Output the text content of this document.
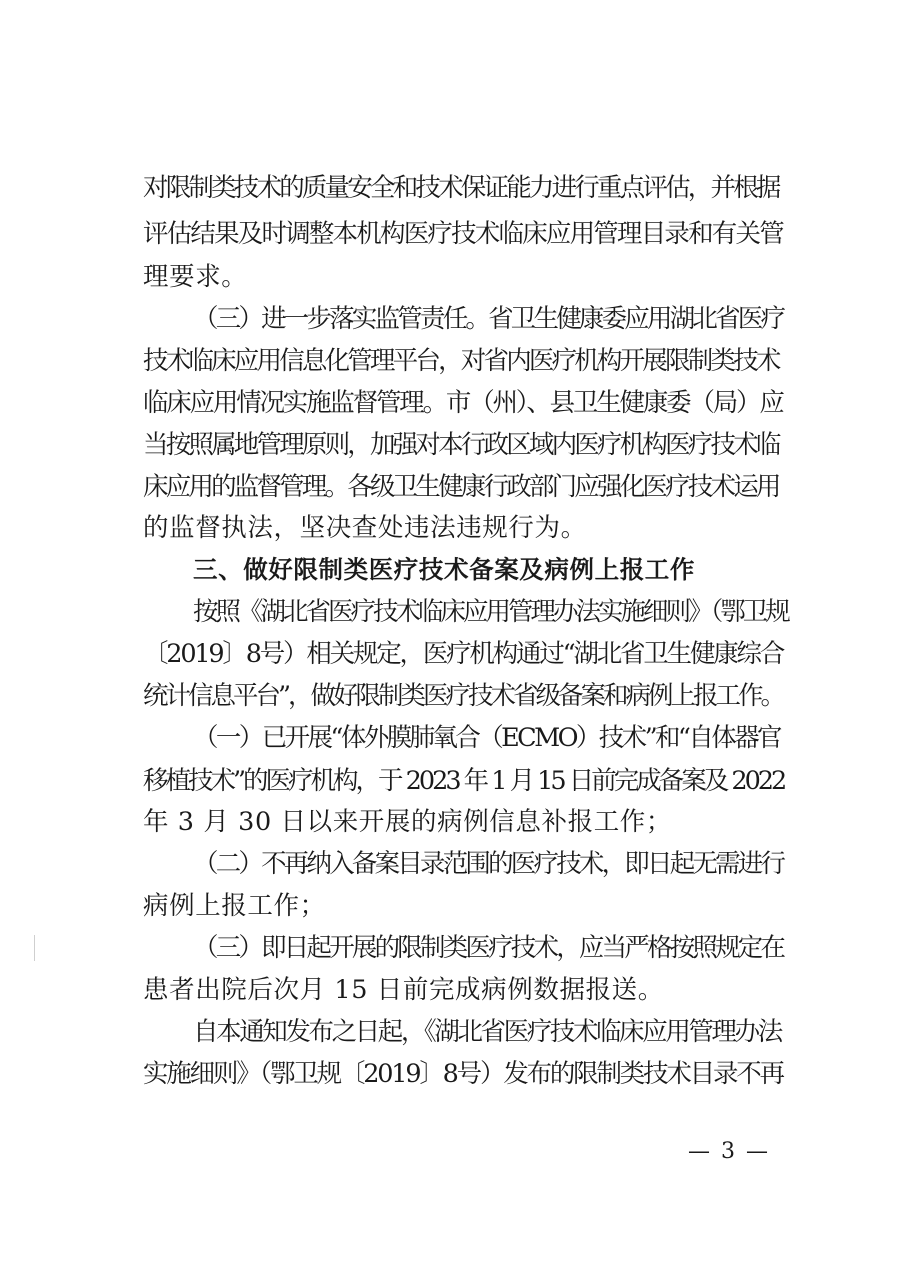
对限制类技术的质量安全和技术保证能力进行重点评估，并根据
评估结果及时调整本机构医疗技术临床应用管理目录和有关管
理要求。
（三）进一步落实监管责任。省卫生健康委应用湖北省医疗
技术临床应用信息化管理平台，对省内医疗机构开展限制类技术
临床应用情况实施监督管理。市（州）、县卫生健康委（局）应
当按照属地管理原则，加强对本行政区域内医疗机构医疗技术临
床应用的监督管理。各级卫生健康行政部门应强化医疗技术运用
的监督执法，坚决查处违法违规行为。
三、做好限制类医疗技术备案及病例上报工作
按照《湖北省医疗技术临床应用管理办法实施细则》（鄂卫规
〔2019〕8号）相关规定，医疗机构通过“湖北省卫生健康综合
统计信息平台”，做好限制类医疗技术省级备案和病例上报工作。
（一）已开展“体外膜肺氧合（ECMO）技术”和“自体器官
移植技术”的医疗机构，于 2023 年 1 月 15 日前完成备案及 2022
年 3 月 30 日以来开展的病例信息补报工作；
（二）不再纳入备案目录范围的医疗技术，即日起无需进行
病例上报工作；
（三）即日起开展的限制类医疗技术，应当严格按照规定在
患者出院后次月 15 日前完成病例数据报送。
自本通知发布之日起，《湖北省医疗技术临床应用管理办法
实施细则》（鄂卫规〔2019〕8号）发布的限制类技术目录不再
— 3 —
